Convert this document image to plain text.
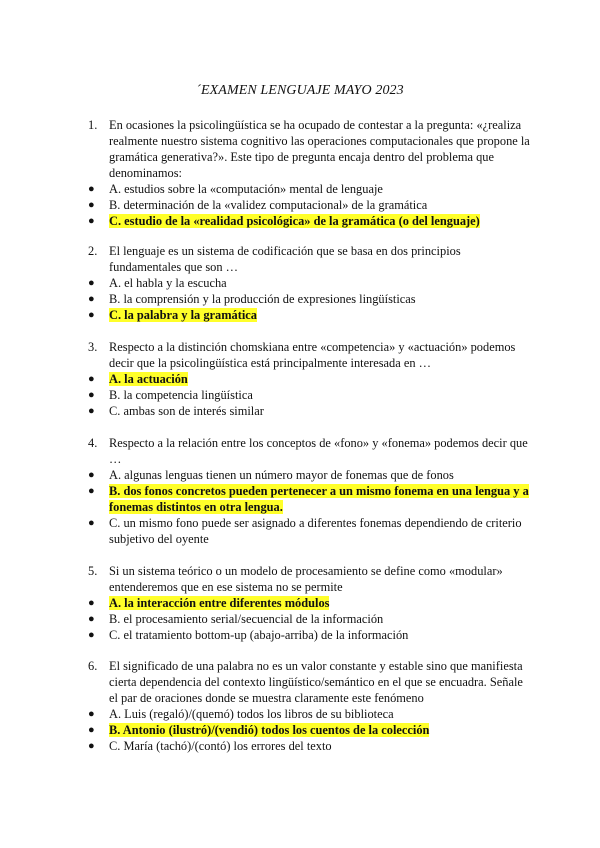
´EXAMEN LENGUAJE MAYO 2023
1. En ocasiones la psicolingüística se ha ocupado de contestar a la pregunta: «¿realiza realmente nuestro sistema cognitivo las operaciones computacionales que propone la gramática generativa?». Este tipo de pregunta encaja dentro del problema que denominamos:
● A. estudios sobre la «computación» mental de lenguaje
● B. determinación de la «validez computacional» de la gramática
● C. estudio de la «realidad psicológica» de la gramática (o del lenguaje)
2. El lenguaje es un sistema de codificación que se basa en dos principios fundamentales que son …
● A. el habla y la escucha
● B. la comprensión y la producción de expresiones lingüísticas
● C. la palabra y la gramática
3. Respecto a la distinción chomskiana entre «competencia» y «actuación» podemos decir que la psicolingüística está principalmente interesada en …
● A. la actuación
● B. la competencia lingüística
● C. ambas son de interés similar
4. Respecto a la relación entre los conceptos de «fono» y «fonema» podemos decir que …
● A. algunas lenguas tienen un número mayor de fonemas que de fonos
● B. dos fonos concretos pueden pertenecer a un mismo fonema en una lengua y a fonemas distintos en otra lengua.
● C. un mismo fono puede ser asignado a diferentes fonemas dependiendo de criterio subjetivo del oyente
5. Si un sistema teórico o un modelo de procesamiento se define como «modular» entenderemos que en ese sistema no se permite
● A. la interacción entre diferentes módulos
● B. el procesamiento serial/secuencial de la información
● C. el tratamiento bottom-up (abajo-arriba) de la información
6. El significado de una palabra no es un valor constante y estable sino que manifiesta cierta dependencia del contexto lingüístico/semántico en el que se encuadra. Señale el par de oraciones donde se muestra claramente este fenómeno
● A. Luis (regaló)/(quemó) todos los libros de su biblioteca
● B. Antonio (ilustró)/(vendió) todos los cuentos de la colección
● C. María (tachó)/(contó) los errores del texto
